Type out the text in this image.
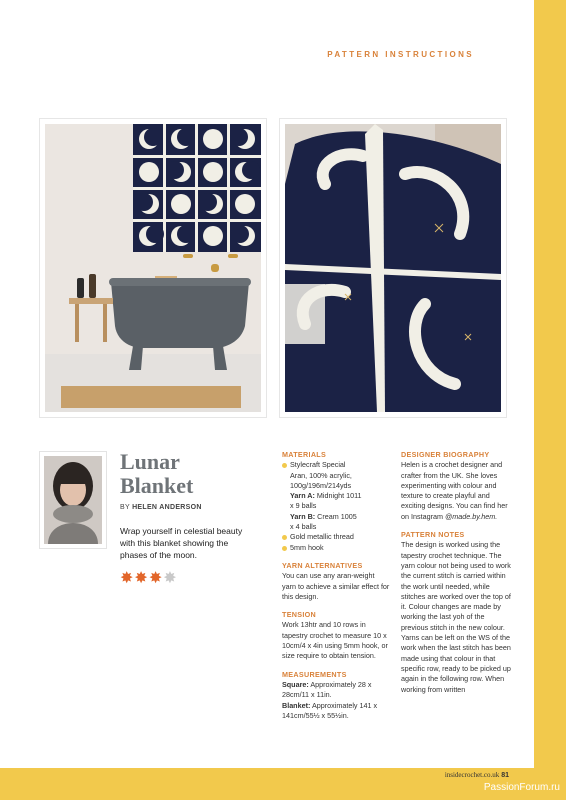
PATTERN INSTRUCTIONS
Lunar
Blanket
BY HELEN ANDERSON
Wrap yourself in celestial beauty with this blanket showing the phases of the moon.
✸✸✸✸

MATERIALS

Stylecraft Special
Aran, 100% acrylic,
100g/196m/214yds
Yarn A: Midnight 1011
x 9 balls
Yarn B: Cream 1005
x 4 balls
Gold metallic thread
5mm hook

YARN ALTERNATIVES

You can use any aran-weight yarn to achieve a similar effect for this design.

TENSION

Work 13htr and 10 rows in tapestry crochet to measure 10 x 10cm/4 x 4in using 5mm hook, or size require to obtain tension.

MEASUREMENTS

Square: Approximately 28 x 28cm/11 x 11in.

Blanket: Approximately 141 x 141cm/55½ x 55½in.

DESIGNER BIOGRAPHY

Helen is a crochet designer and crafter from the UK. She loves experimenting with colour and texture to create playful and exciting designs. You can find her on Instagram @made.by.hem.

PATTERN NOTES

The design is worked using the tapestry crochet technique. The yarn colour not being used to work the current stitch is carried within the work until needed, while stitches are worked over the top of it. Colour changes are made by working the last yoh of the previous stitch in the new colour. Yarns can be left on the WS of the work when the last stitch has been made using that colour in that specific row, ready to be picked up again in the following row. When working from written

insidecrochet.co.uk 81
PassionForum.ru
